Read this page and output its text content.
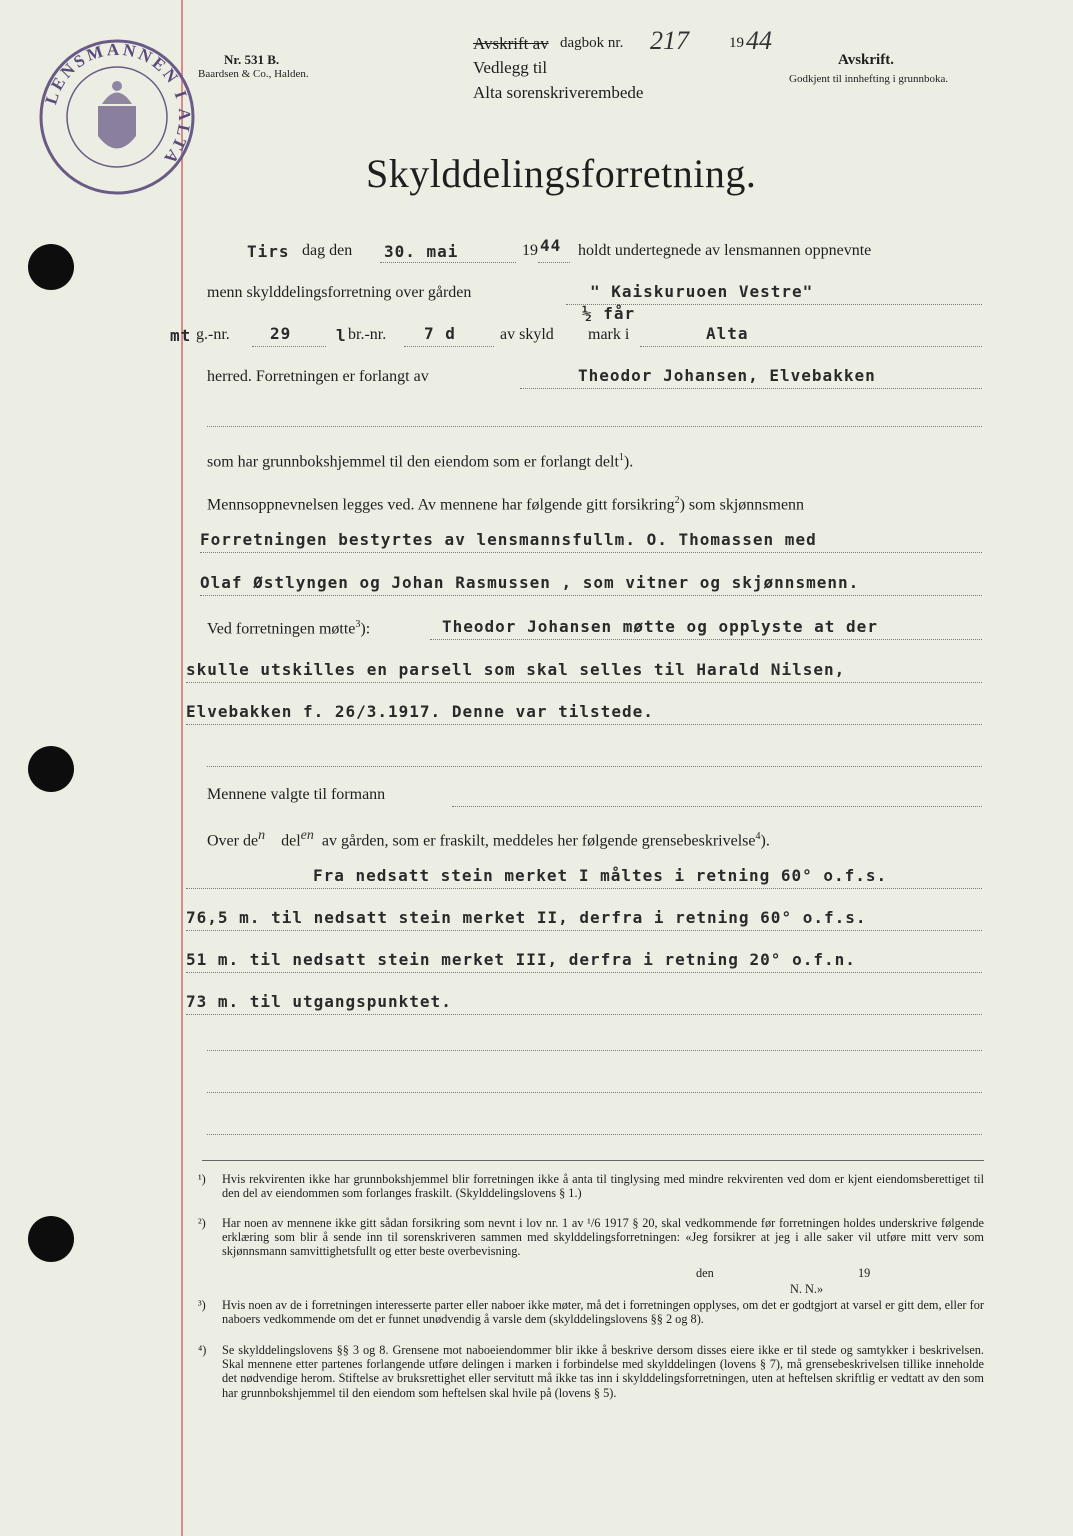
LENSMANNEN I ALTA
Nr. 531 B.
Baardsen & Co., Halden.
Avskrift av dagbok nr. 217	19 44
Vedlegg til
Alta sorenskriverembede
Avskrift.
Godkjent til innhefting i grunnboka.
Skylddelingsforretning.
Tirs dag den 30. mai	19 44 holdt undertegnede av lensmannen oppnevnte
menn skylddelingsforretning over gården	" Kaiskuruoen Vestre"
mt g.-nr.	29	l br.-nr. 7 d	av skyld
½ får
mark i	Alta
herred. Forretningen er forlangt av	Theodor Johansen, Elvebakken
som har grunnbokshjemmel til den eiendom som er forlangt delt$^1$).
Mennsoppnevnelsen legges ved. Av mennene har følgende gitt forsikring$^2$) som skjønnsmenn
Forretningen bestyrtes av lensmannsfullm. O. Thomassen med
Olaf Østlyngen og Johan Rasmussen , som vitner og skjønnsmenn.
Ved forretningen møtte$^3$):	Theodor Johansen møtte og opplyste at der
skulle utskilles en parsell som skal selles til Harald Nilsen,
Elvebakken f. 26/3.1917. Denne var tilstede.
Mennene valgte til formann
Over den delen av gården, som er fraskilt, meddeles her følgende grensebeskrivelse$^4$).
Fra nedsatt stein merket I måltes i retning 60° o.f.s.
76,5 m. til nedsatt stein merket II, derfra i retning 60° o.f.s.
51 m. til nedsatt stein merket III, derfra i retning 20° o.f.n.
73 m. til utgangspunktet.
¹) Hvis rekvirenten ikke har grunnbokshjemmel blir forretningen ikke å anta til tinglysing med mindre rekvirenten ved dom er kjent eiendomsberettiget til den del av eiendommen som forlanges fraskilt. (Skylddelingslovens § 1.)
²) Har noen av mennene ikke gitt sådan forsikring som nevnt i lov nr. 1 av ¹/6 1917 § 20, skal vedkommende før forretningen holdes underskrive følgende erklæring som blir å sende inn til sorenskriveren sammen med skylddelingsforretningen: «Jeg forsikrer at jeg i alle saker vil utføre mitt verv som skjønnsmann samvittighetsfullt og etter beste overbevisning.
den	19
N. N.»
³) Hvis noen av de i forretningen interesserte parter eller naboer ikke møter, må det i forretningen opplyses, om det er godtgjort at varsel er gitt dem, eller for naboers vedkommende om det er funnet unødvendig å varsle dem (skylddelingslovens §§ 2 og 8).
⁴) Se skylddelingslovens §§ 3 og 8. Grensene mot naboeiendommer blir ikke å beskrive dersom disses eiere ikke er til stede og samtykker i beskrivelsen. Skal mennene etter partenes forlangende utføre delingen i marken i forbindelse med skylddelingen (lovens § 7), må grensebeskrivelsen tillike inneholde det nødvendige herom. Stiftelse av bruksrettighet eller servitutt må ikke tas inn i skylddelingsforretningen, uten at heftelsen skriftlig er vedtatt av den som har grunnbokshjemmel til den eiendom som heftelsen skal hvile på (lovens § 5).
